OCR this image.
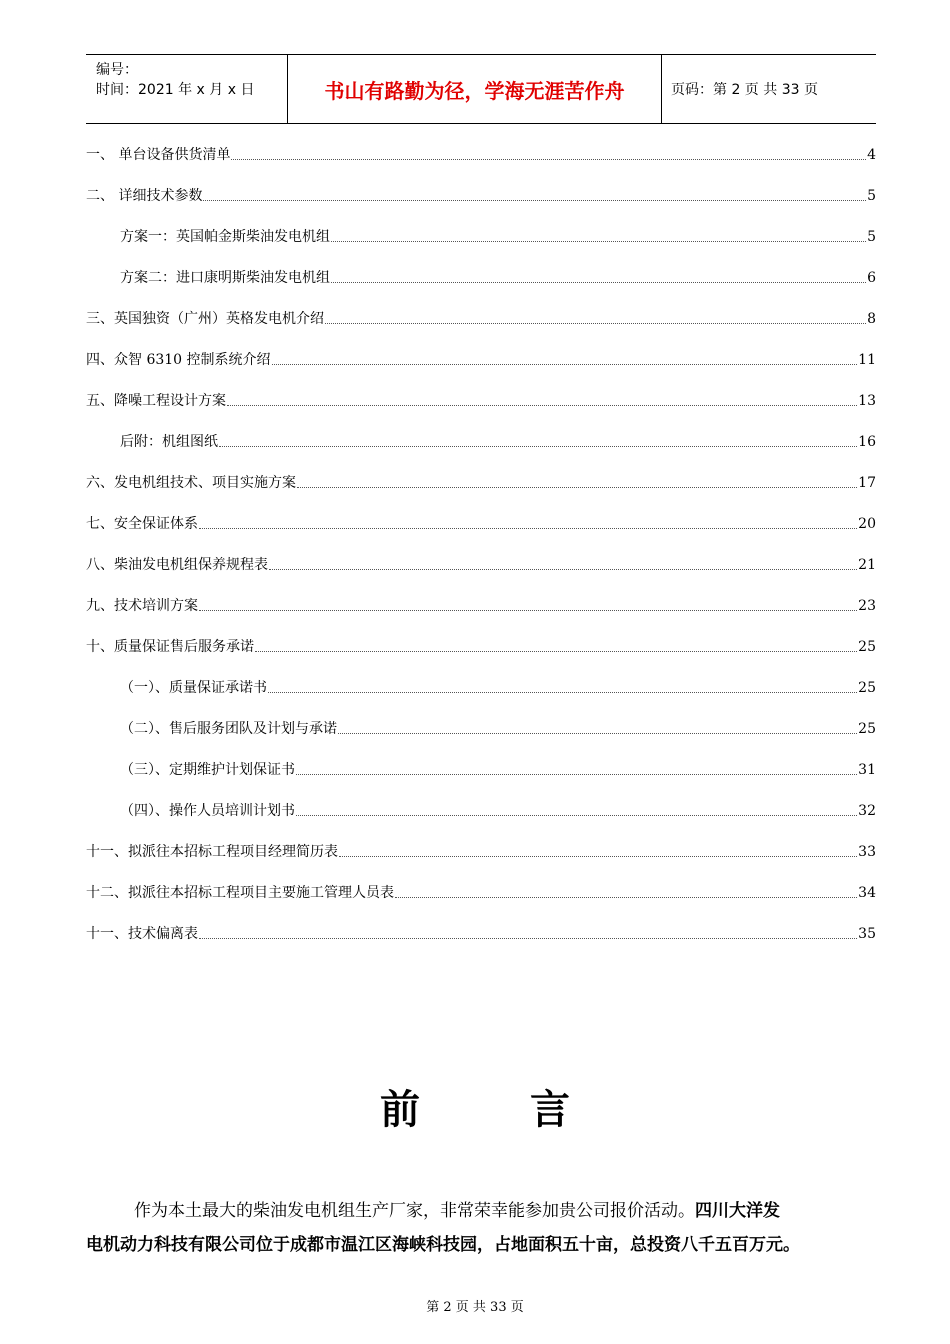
编号：
时间：2021 年 x 月 x 日	书山有路勤为径，学海无涯苦作舟	页码：第 2 页 共 33 页
一、 单台设备供货清单	4
二、 详细技术参数	5
方案一：英国帕金斯柴油发电机组	5
方案二：进口康明斯柴油发电机组	6
三、英国独资（广州）英格发电机介绍	8
四、众智 6310 控制系统介绍	11
五、降噪工程设计方案	13
后附：机组图纸	16
六、发电机组技术、项目实施方案	17
七、安全保证体系	20
八、柴油发电机组保养规程表	21
九、技术培训方案	23
十、质量保证售后服务承诺	25
（一）、质量保证承诺书	25
（二）、售后服务团队及计划与承诺	25
（三）、定期维护计划保证书	31
（四）、操作人员培训计划书	32
十一、拟派往本招标工程项目经理简历表	33
十二、拟派往本招标工程项目主要施工管理人员表	34
十一、技术偏离表	35
前 言
作为本土最大的柴油发电机组生产厂家，非常荣幸能参加贵公司报价活动。四川大洋发
电机动力科技有限公司位于成都市温江区海峡科技园，占地面积五十亩，总投资八千五百万元。
第 2 页 共 33 页
